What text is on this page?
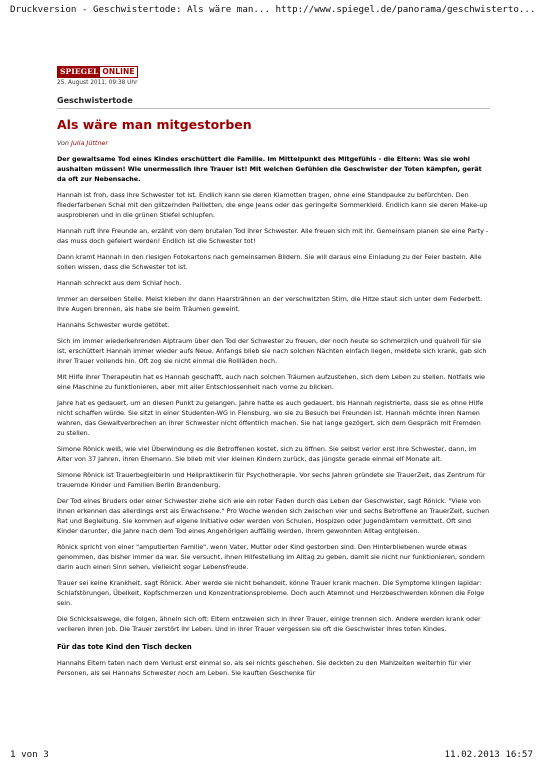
Druckversion - Geschwistertode: Als wäre man... http://www.spiegel.de/panorama/geschwisterto...
SPIEGEL ONLINE
25. August 2011, 09:38 Uhr
Geschwistertode
Als wäre man mitgestorben
Von Julia Jüttner
Der gewaltsame Tod eines Kindes erschüttert die Familie. Im Mittelpunkt des Mitgefühls - die Eltern: Was sie wohl aushalten müssen! Wie unermesslich ihre Trauer ist! Mit welchen Gefühlen die Geschwister der Toten kämpfen, gerät da oft zur Nebensache.
Hannah ist froh, dass ihre Schwester tot ist. Endlich kann sie deren Klamotten tragen, ohne eine Standpauke zu befürchten. Den fliederfarbenen Schal mit den glitzernden Pailletten, die enge Jeans oder das geringelte Sommerkleid. Endlich kann sie deren Make-up ausprobieren und in die grünen Stiefel schlupfen.
Hannah ruft ihre Freunde an, erzählt von dem brutalen Tod ihrer Schwester. Alle freuen sich mit ihr. Gemeinsam planen sie eine Party - das muss doch gefeiert werden! Endlich ist die Schwester tot!
Dann kramt Hannah in den riesigen Fotokartons nach gemeinsamen Bildern. Sie will daraus eine Einladung zu der Feier basteln. Alle sollen wissen, dass die Schwester tot ist.
Hannah schreckt aus dem Schlaf hoch.
Immer an derselben Stelle. Meist kleben ihr dann Haarsträhnen an der verschwitzten Stirn, die Hitze staut sich unter dem Federbett. Ihre Augen brennen, als habe sie beim Träumen geweint.
Hannahs Schwester wurde getötet.
Sich im immer wiederkehrenden Alptraum über den Tod der Schwester zu freuen, der noch heute so schmerzlich und qualvoll für sie ist, erschüttert Hannah immer wieder aufs Neue. Anfangs blieb sie nach solchen Nächten einfach liegen, meldete sich krank, gab sich ihrer Trauer vollends hin. Oft zog sie nicht einmal die Rollläden hoch.
Mit Hilfe ihrer Therapeutin hat es Hannah geschafft, auch nach solchen Träumen aufzustehen, sich dem Leben zu stellen. Notfalls wie eine Maschine zu funktionieren, aber mit aller Entschlossenheit nach vorne zu blicken.
Jahre hat es gedauert, um an diesen Punkt zu gelangen. Jahre hatte es auch gedauert, bis Hannah registrierte, dass sie es ohne Hilfe nicht schaffen würde. Sie sitzt in einer Studenten-WG in Flensburg, wo sie zu Besuch bei Freunden ist. Hannah möchte ihren Namen wahren, das Gewaltverbrechen an ihrer Schwester nicht öffentlich machen. Sie hat lange gezögert, sich dem Gespräch mit Fremden zu stellen.
Simone Rönick weiß, wie viel Überwindung es die Betroffenen kostet, sich zu öffnen. Sie selbst verlor erst ihre Schwester, dann, im Alter von 37 Jahren, ihren Ehemann. Sie blieb mit vier kleinen Kindern zurück, das jüngste gerade einmal elf Monate alt.
Simone Rönick ist Trauerbegleiterin und Heilpraktikerin für Psychotherapie. Vor sechs Jahren gründete sie TrauerZeit, das Zentrum für trauernde Kinder und Familien Berlin Brandenburg.
Der Tod eines Bruders oder einer Schwester ziehe sich wie ein roter Faden durch das Leben der Geschwister, sagt Rönick. "Viele von ihnen erkennen das allerdings erst als Erwachsene." Pro Woche wenden sich zwischen vier und sechs Betroffene an TrauerZeit, suchen Rat und Begleitung. Sie kommen auf eigene Initiative oder werden von Schulen, Hospizen oder Jugendämtern vermittelt. Oft sind Kinder darunter, die Jahre nach dem Tod eines Angehörigen auffällig werden, ihrem gewohnten Alltag entgleisen.
Rönick spricht von einer "amputierten Familie", wenn Vater, Mutter oder Kind gestorben sind. Den Hinterbliebenen wurde etwas genommen, das bisher immer da war. Sie versucht, ihnen Hilfestellung im Alltag zu geben, damit sie nicht nur funktionieren, sondern darin auch einen Sinn sehen, vielleicht sogar Lebensfreude.
Trauer sei keine Krankheit, sagt Rönick. Aber werde sie nicht behandelt, könne Trauer krank machen. Die Symptome klingen lapidar: Schlafstörungen, Übelkeit, Kopfschmerzen und Konzentrationsprobleme. Doch auch Atemnot und Herzbeschwerden können die Folge sein.
Die Schicksalswege, die folgen, ähneln sich oft: Eltern entzweien sich in ihrer Trauer, einige trennen sich. Andere werden krank oder verlieren ihren Job. Die Trauer zerstört ihr Leben. Und in ihrer Trauer vergessen sie oft die Geschwister ihres toten Kindes.
Für das tote Kind den Tisch decken
Hannahs Eltern taten nach dem Verlust erst einmal so, als sei nichts geschehen. Sie deckten zu den Mahlzeiten weiterhin für vier Personen, als sei Hannahs Schwester noch am Leben. Sie kauften Geschenke für
1 von 3	11.02.2013 16:57
